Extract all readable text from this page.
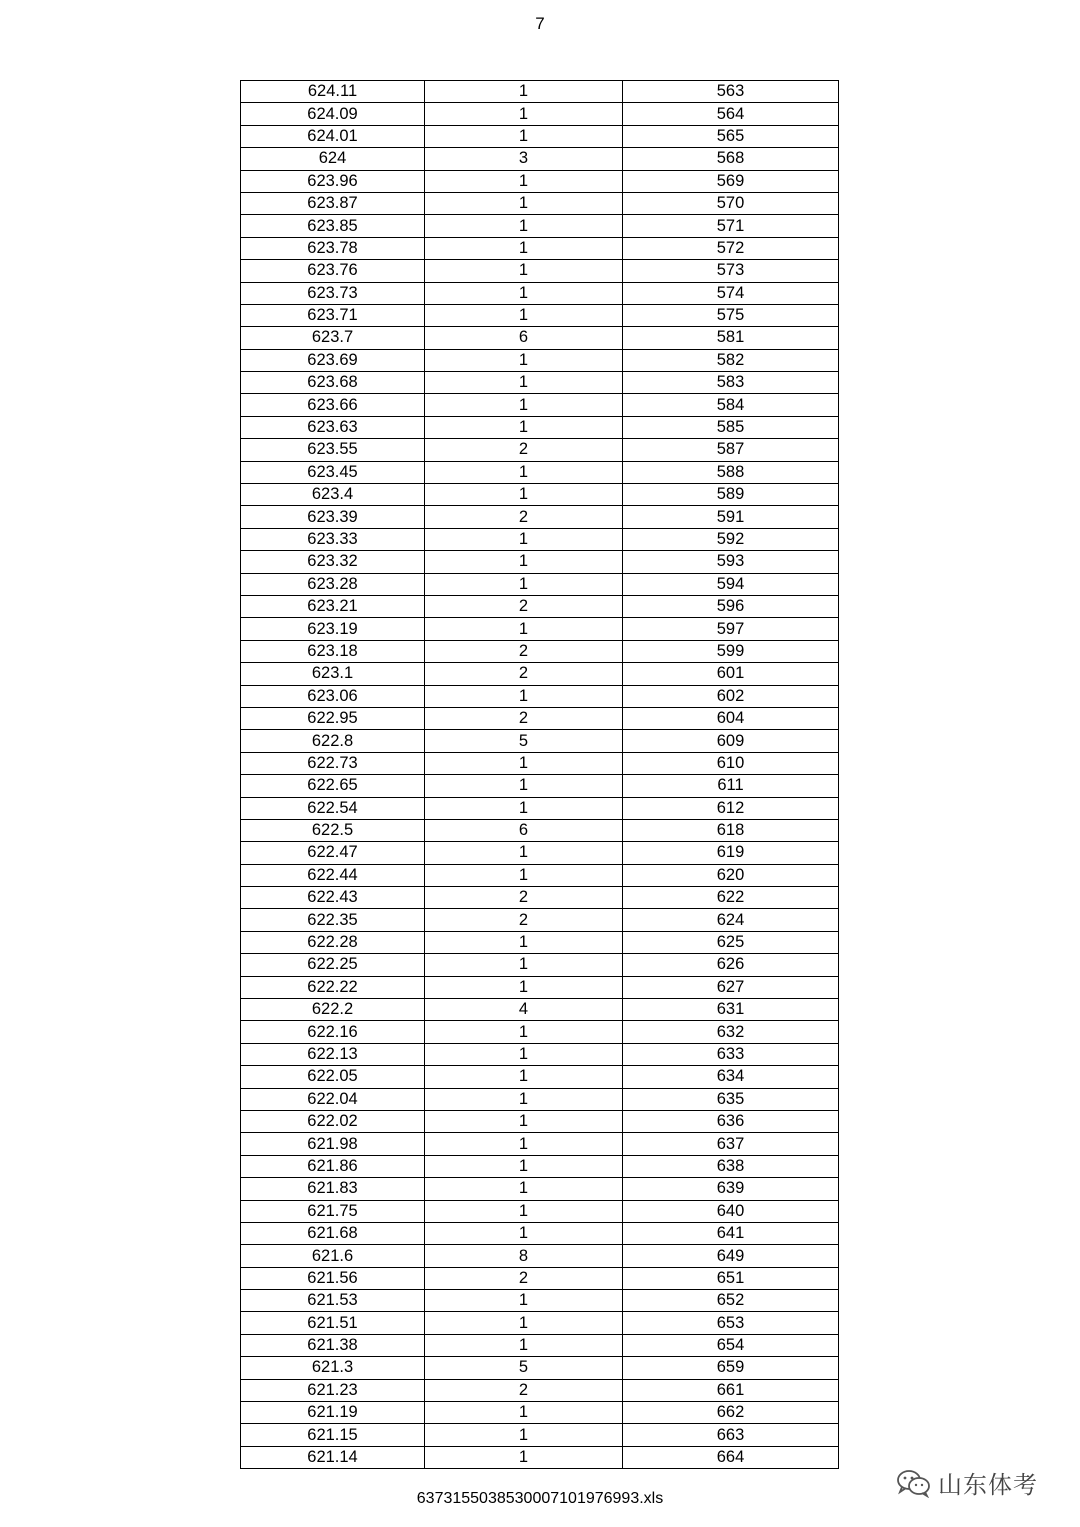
7
624.11	1	563
624.09	1	564
624.01	1	565
624	3	568
623.96	1	569
623.87	1	570
623.85	1	571
623.78	1	572
623.76	1	573
623.73	1	574
623.71	1	575
623.7	6	581
623.69	1	582
623.68	1	583
623.66	1	584
623.63	1	585
623.55	2	587
623.45	1	588
623.4	1	589
623.39	2	591
623.33	1	592
623.32	1	593
623.28	1	594
623.21	2	596
623.19	1	597
623.18	2	599
623.1	2	601
623.06	1	602
622.95	2	604
622.8	5	609
622.73	1	610
622.65	1	611
622.54	1	612
622.5	6	618
622.47	1	619
622.44	1	620
622.43	2	622
622.35	2	624
622.28	1	625
622.25	1	626
622.22	1	627
622.2	4	631
622.16	1	632
622.13	1	633
622.05	1	634
622.04	1	635
622.02	1	636
621.98	1	637
621.86	1	638
621.83	1	639
621.75	1	640
621.68	1	641
621.6	8	649
621.56	2	651
621.53	1	652
621.51	1	653
621.38	1	654
621.3	5	659
621.23	2	661
621.19	1	662
621.15	1	663
621.14	1	664
6373155038530007101976993.xls	山东体考
